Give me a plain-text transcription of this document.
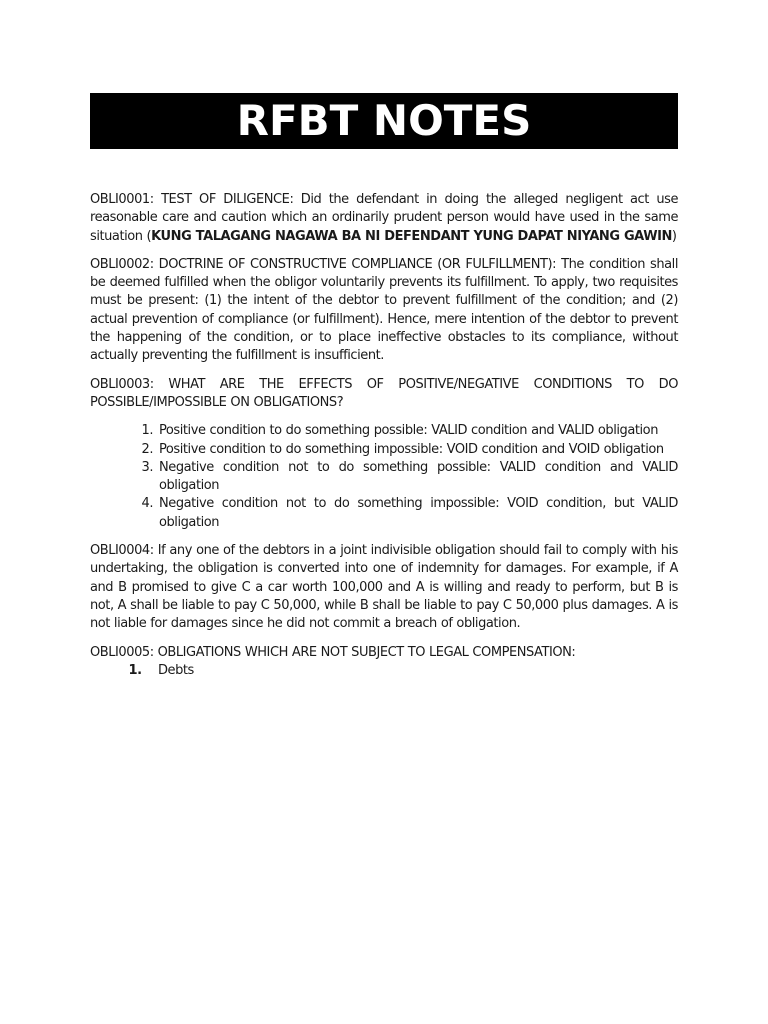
RFBT NOTES

OBLI0001: TEST OF DILIGENCE: Did the defendant in doing the alleged negligent act use reasonable care and caution which an ordinarily prudent person would have used in the same situation (KUNG TALAGANG NAGAWA BA NI DEFENDANT YUNG DAPAT NIYANG GAWIN)

OBLI0002: DOCTRINE OF CONSTRUCTIVE COMPLIANCE (OR FULFILLMENT): The condition shall be deemed fulfilled when the obligor voluntarily prevents its fulfillment. To apply, two requisites must be present: (1) the intent of the debtor to prevent fulfillment of the condition; and (2) actual prevention of compliance (or fulfillment). Hence, mere intention of the debtor to prevent the happening of the condition, or to place ineffective obstacles to its compliance, without actually preventing the fulfillment is insufficient.

OBLI0003: WHAT ARE THE EFFECTS OF POSITIVE/NEGATIVE CONDITIONS TO DO POSSIBLE/IMPOSSIBLE ON OBLIGATIONS?

1. Positive condition to do something possible: VALID condition and VALID obligation
2. Positive condition to do something impossible: VOID condition and VOID obligation
3. Negative condition not to do something possible: VALID condition and VALID obligation
4. Negative condition not to do something impossible: VOID condition, but VALID obligation

OBLI0004: If any one of the debtors in a joint indivisible obligation should fail to comply with his undertaking, the obligation is converted into one of indemnity for damages. For example, if A and B promised to give C a car worth 100,000 and A is willing and ready to perform, but B is not, A shall be liable to pay C 50,000, while B shall be liable to pay C 50,000 plus damages. A is not liable for damages since he did not commit a breach of obligation.

OBLI0005: OBLIGATIONS WHICH ARE NOT SUBJECT TO LEGAL COMPENSATION:

1. Debts
